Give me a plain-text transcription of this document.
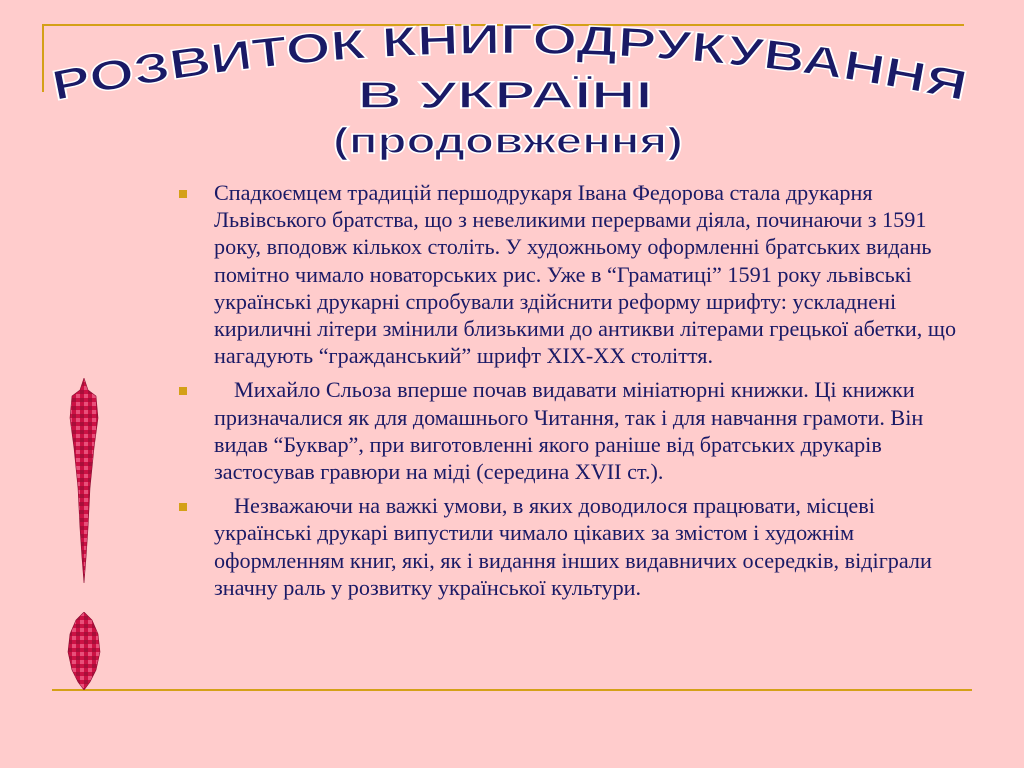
РОЗВИТОК КНИГОДРУКУВАННЯ
В УКРАЇНІ
(продовження)
Спадкоємцем традицій першодрукаря Івана Федорова стала друкарня Львівського братства, що з невеликими перервами діяла, починаючи з 1591 року, вподовж кількох століть. У художньому оформленні братських видань помітно чимало новаторських рис. Уже в “Граматиці” 1591 року львівські українські друкарні спробували здійснити реформу шрифту: ускладнені кириличні літери змінили близькими до антикви літерами грецької абетки, що нагадують “гражданський” шрифт XIX-XX століття.
Михайло Сльоза вперше почав видавати мініатюрні книжки. Ці книжки призначалися як для домашнього Читання, так і для навчання грамоти. Він видав “Буквар”, при виготовленні якого раніше від братських друкарів застосував гравюри на міді (середина XVII ст.).
Незважаючи на важкі умови, в яких доводилося працювати, місцеві українські друкарі випустили чимало цікавих за змістом і художнім оформленням книг, які, як і видання інших видавничих осередків, відіграли значну раль у розвитку української культури.
